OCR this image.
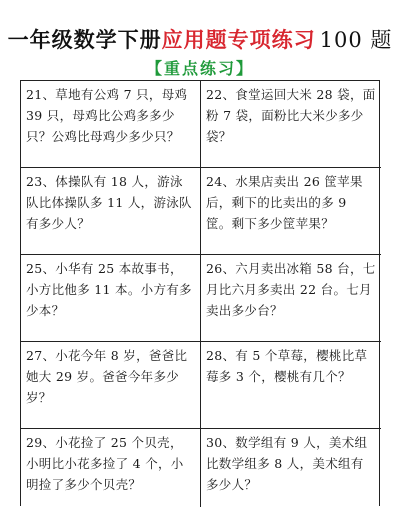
一年级数学下册应用题专项练习 100 题
【重点练习】
21、草地有公鸡 7 只，母鸡 39 只，母鸡比公鸡多多少只？公鸡比母鸡少多少只？
22、食堂运回大米 28 袋，面粉 7 袋，面粉比大米少多少袋？
23、体操队有 18 人，游泳队比体操队多 11 人，游泳队有多少人？
24、水果店卖出 26 筐苹果后，剩下的比卖出的多 9 筐。剩下多少筐苹果？
25、小华有 25 本故事书，小方比他多 11 本。小方有多少本？
26、六月卖出冰箱 58 台，七月比六月多卖出 22 台。七月卖出多少台？
27、小花今年 8 岁，爸爸比她大 29 岁。爸爸今年多少岁？
28、有 5 个草莓，樱桃比草莓多 3 个，樱桃有几个？
29、小花捡了 25 个贝壳，小明比小花多捡了 4 个，小明捡了多少个贝壳？
30、数学组有 9 人，美术组比数学组多 8 人，美术组有多少人？
